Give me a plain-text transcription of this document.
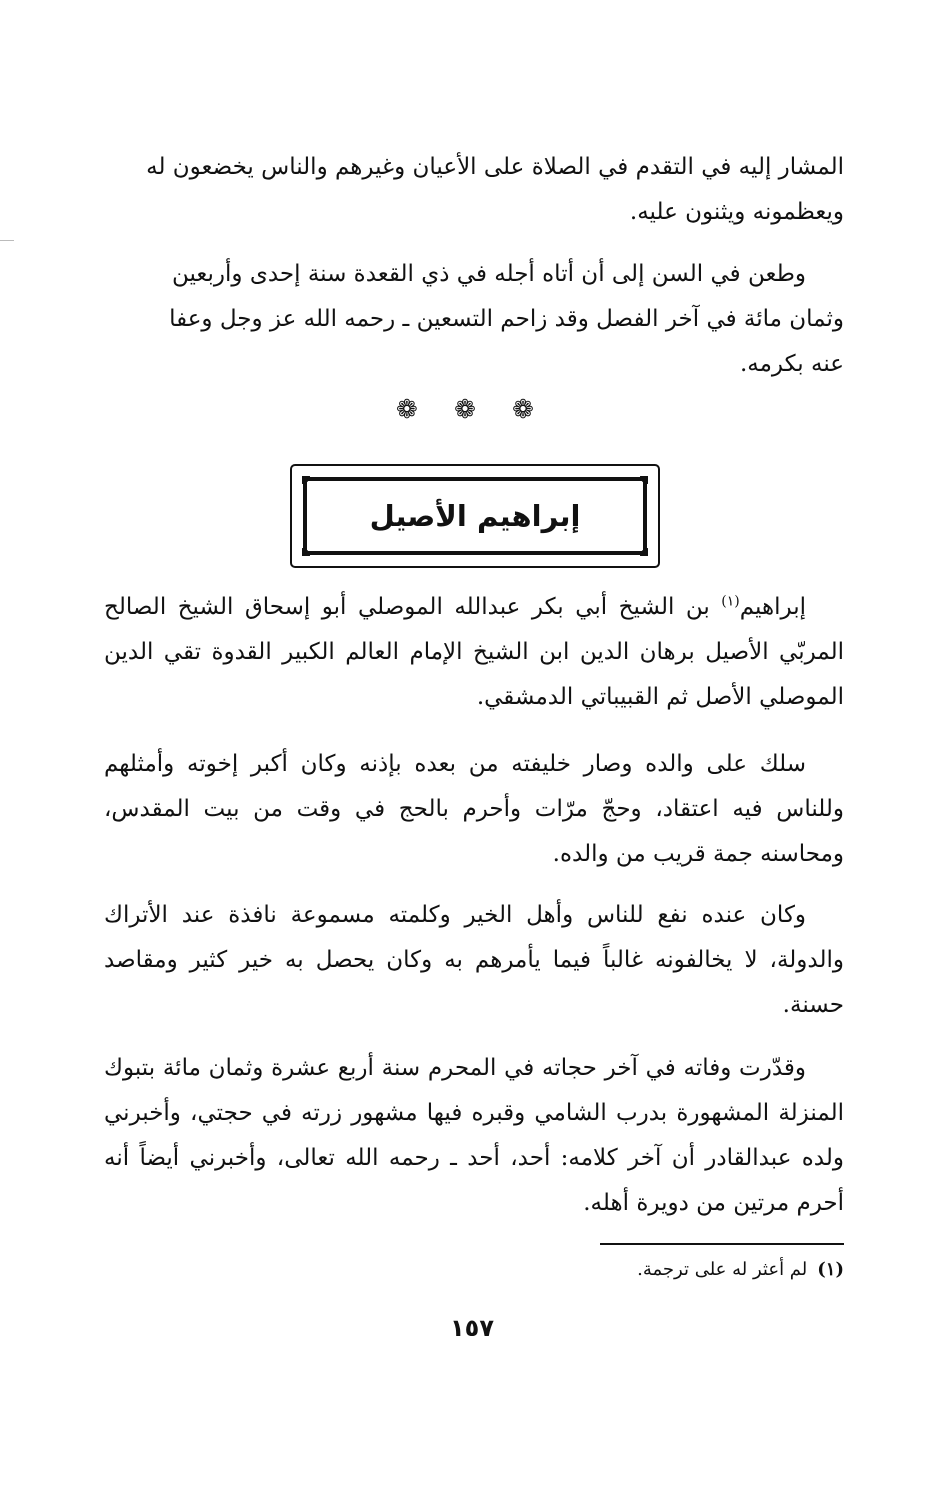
المشار إليه في التقدم في الصلاة على الأعيان وغيرهم والناس يخضعون له

ويعظمونه ويثنون عليه.

وطعن في السن إلى أن أتاه أجله في ذي القعدة سنة إحدى وأربعين

وثمان مائة في آخر الفصل وقد زاحم التسعين ـ رحمه الله عز وجل وعفا

عنه بكرمه.

❁ ❁ ❁
إبراهيم الأصيل

إبراهيم$^{(١)}$ بن الشيخ أبي بكر عبدالله الموصلي أبو إسحاق الشيخ الصالح المربّي الأصيل برهان الدين ابن الشيخ الإمام العالم الكبير القدوة تقي الدين الموصلي الأصل ثم القبيباتي الدمشقي.

سلك على والده وصار خليفته من بعده بإذنه وكان أكبر إخوته وأمثلهم وللناس فيه اعتقاد، وحجّ مرّات وأحرم بالحج في وقت من بيت المقدس، ومحاسنه جمة قريب من والده.

وكان عنده نفع للناس وأهل الخير وكلمته مسموعة نافذة عند الأتراك والدولة، لا يخالفونه غالباً فيما يأمرهم به وكان يحصل به خير كثير ومقاصد حسنة.

وقدّرت وفاته في آخر حجاته في المحرم سنة أربع عشرة وثمان مائة بتبوك المنزلة المشهورة بدرب الشامي وقبره فيها مشهور زرته في حجتي، وأخبرني ولده عبدالقادر أن آخر كلامه: أحد، أحد ـ رحمه الله تعالى، وأخبرني أيضاً أنه أحرم مرتين من دويرة أهله.

(١)لم أعثر له على ترجمة.
١٥٧
